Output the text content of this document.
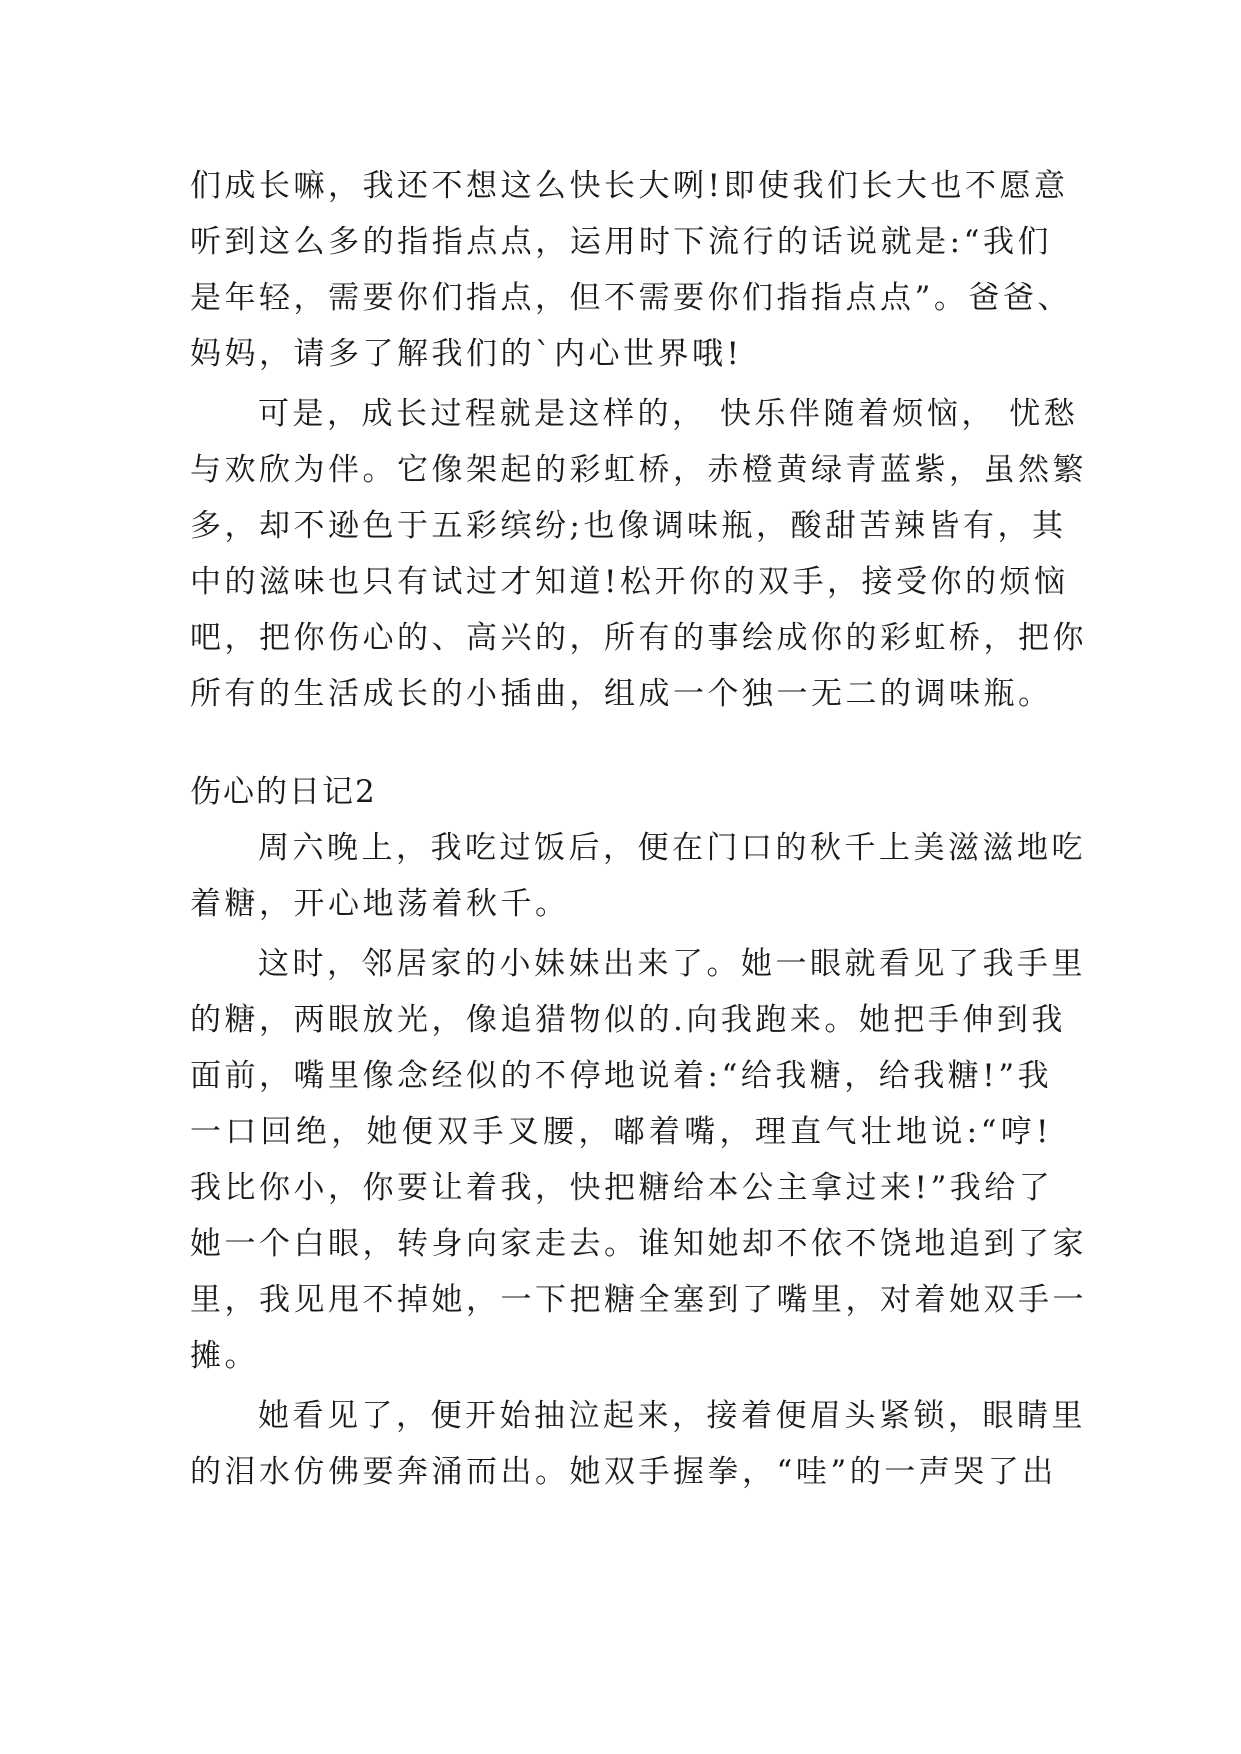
们成长嘛，我还不想这么快长大咧!即使我们长大也不愿意
听到这么多的指指点点，运用时下流行的话说就是:“我们
是年轻，需要你们指点，但不需要你们指指点点”。爸爸、
妈妈，请多了解我们的`内心世界哦!
可是，成长过程就是这样的， 快乐伴随着烦恼， 忧愁
与欢欣为伴。它像架起的彩虹桥，赤橙黄绿青蓝紫，虽然繁
多，却不逊色于五彩缤纷;也像调味瓶，酸甜苦辣皆有，其
中的滋味也只有试过才知道!松开你的双手，接受你的烦恼
吧，把你伤心的、高兴的，所有的事绘成你的彩虹桥，把你
所有的生活成长的小插曲，组成一个独一无二的调味瓶。
伤心的日记2
周六晚上，我吃过饭后，便在门口的秋千上美滋滋地吃
着糖，开心地荡着秋千。
这时，邻居家的小妹妹出来了。她一眼就看见了我手里
的糖，两眼放光，像追猎物似的.向我跑来。她把手伸到我
面前，嘴里像念经似的不停地说着:“给我糖，给我糖!”我
一口回绝，她便双手叉腰，嘟着嘴，理直气壮地说:“哼!
我比你小，你要让着我，快把糖给本公主拿过来!”我给了
她一个白眼，转身向家走去。谁知她却不依不饶地追到了家
里，我见甩不掉她，一下把糖全塞到了嘴里，对着她双手一
摊。
她看见了，便开始抽泣起来，接着便眉头紧锁，眼睛里
的泪水仿佛要奔涌而出。她双手握拳，“哇”的一声哭了出
